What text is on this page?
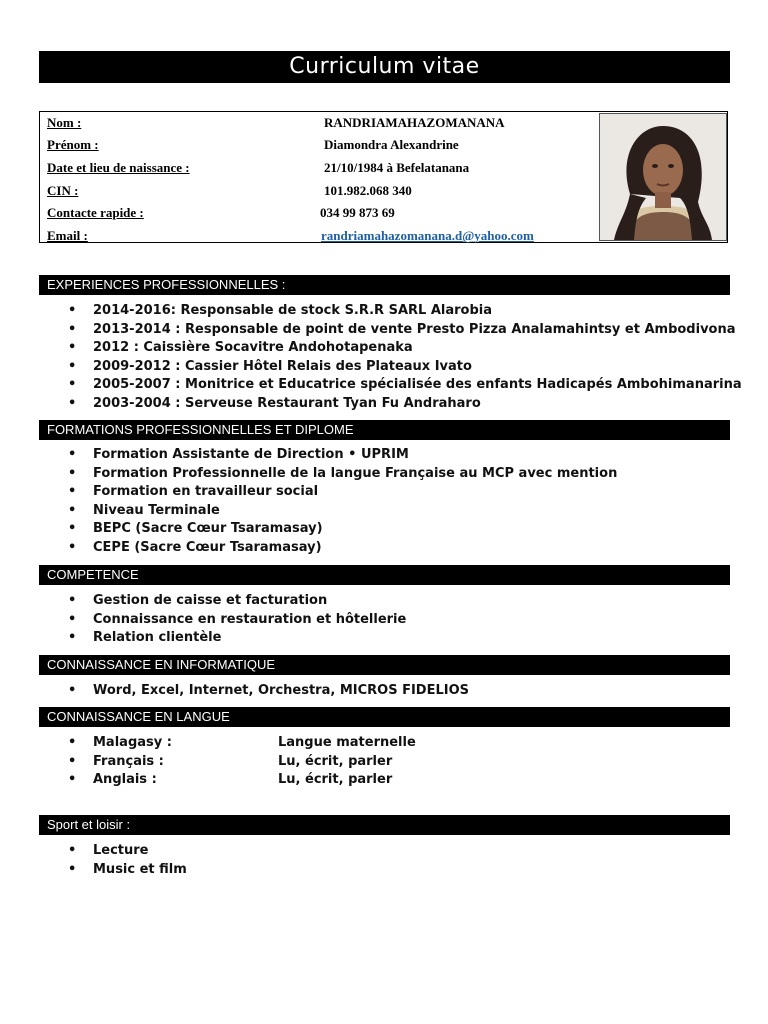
Curriculum vitae
Nom :	RANDRIAMAHAZOMANANA
Prénom :	Diamondra Alexandrine
Date et lieu de naissance :	21/10/1984 à Befelatanana
CIN :	101.982.068 340
Contacte rapide :	034 99 873 69
Email :	randriamahazomanana.d@yahoo.com
EXPERIENCES PROFESSIONNELLES :
• 2014-2016: Responsable de stock S.R.R SARL Alarobia
• 2013-2014 : Responsable de point de vente Presto Pizza Analamahintsy et Ambodivona
• 2012 : Caissière Socavitre Andohotapenaka
• 2009-2012 : Cassier Hôtel Relais des Plateaux Ivato
• 2005-2007 : Monitrice et Educatrice spécialisée des enfants Hadicapés Ambohimanarina
• 2003-2004 : Serveuse Restaurant Tyan Fu Andraharo
FORMATIONS PROFESSIONNELLES ET DIPLOME
• Formation Assistante de Direction • UPRIM
• Formation Professionnelle de la langue Française au MCP avec mention
• Formation en travailleur social
• Niveau Terminale
• BEPC (Sacre Cœur Tsaramasay)
• CEPE (Sacre Cœur Tsaramasay)
COMPETENCE
• Gestion de caisse et facturation
• Connaissance en restauration et hôtellerie
• Relation clientèle
CONNAISSANCE EN INFORMATIQUE
• Word, Excel, Internet, Orchestra, MICROS FIDELIOS
CONNAISSANCE EN LANGUE
• Malagasy :	Langue maternelle
• Français :	Lu, écrit, parler
• Anglais :	Lu, écrit, parler
Sport et loisir :
• Lecture
• Music et film
